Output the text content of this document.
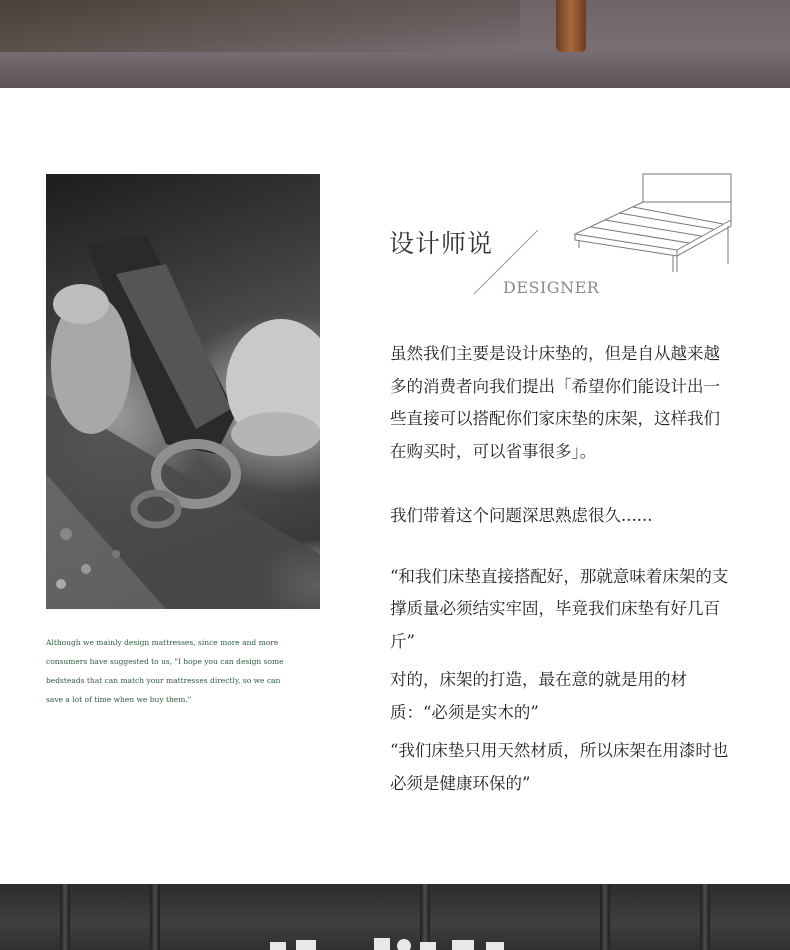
Although we mainly design mattresses, since more and more
consumers have suggested to us, "I hope you can design some
bedsteads that can match your mattresses directly, so we can
save a lot of time when we buy them."
设计师说
DESIGNER

虽然我们主要是设计床垫的，但是自从越来越多的消费者向我们提出「希望你们能设计出一些直接可以搭配你们家床垫的床架，这样我们在购买时，可以省事很多」。

我们带着这个问题深思熟虑很久......

“和我们床垫直接搭配好，那就意味着床架的支撑质量必须结实牢固，毕竟我们床垫有好几百斤”

对的，床架的打造，最在意的就是用的材质：“必须是实木的”

“我们床垫只用天然材质，所以床架在用漆时也必须是健康环保的”
